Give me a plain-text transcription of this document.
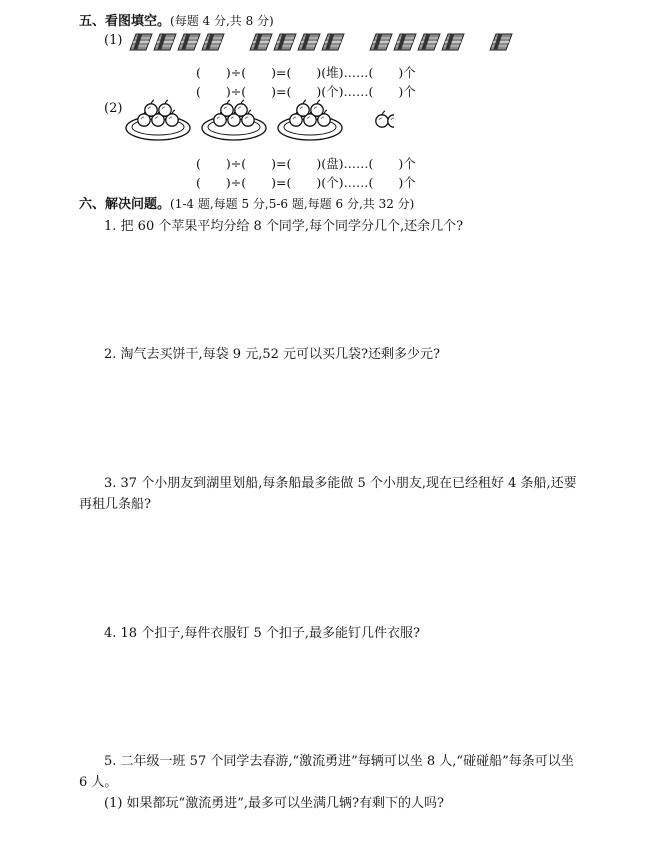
五、看图填空。(每题 4 分,共 8 分)
(1)
(　　)÷(　　)=(　　)(堆)……(　　)个
(　　)÷(　　)=(　　)(个)……(　　)个
(2)
(　　)÷(　　)=(　　)(盘)……(　　)个
(　　)÷(　　)=(　　)(个)……(　　)个
六、解决问题。(1-4 题,每题 5 分,5-6 题,每题 6 分,共 32 分)
1. 把 60 个苹果平均分给 8 个同学,每个同学分几个,还余几个?
2. 淘气去买饼干,每袋 9 元,52 元可以买几袋?还剩多少元?
3. 37 个小朋友到湖里划船,每条船最多能做 5 个小朋友,现在已经租好 4 条船,还要
再租几条船?
4. 18 个扣子,每件衣服钉 5 个扣子,最多能钉几件衣服?
5. 二年级一班 57 个同学去春游,“激流勇进”每辆可以坐 8 人,“碰碰船”每条可以坐
6 人。
(1) 如果都玩“激流勇进”,最多可以坐满几辆?有剩下的人吗?
